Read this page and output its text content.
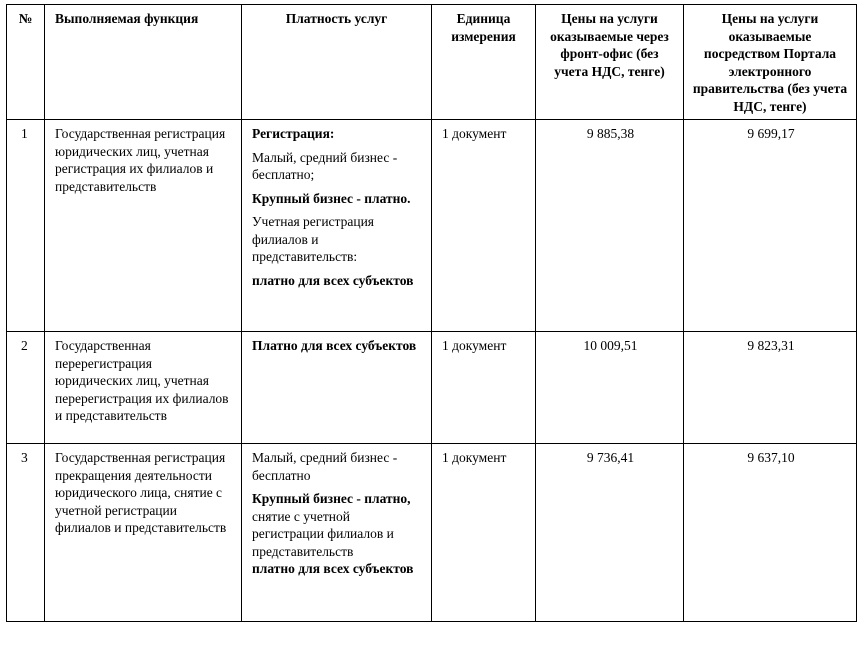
№	Выполняемая функция	Платность услуг	Единица измерения	Цены на услуги оказываемые через фронт-офис (без учета НДС, тенге)	Цены на услуги оказываемые посредством Портала электронного правительства (без учета НДС, тенге)
1	Государственная регистрация юридических лиц, учетная регистрация их филиалов и представительств	Регистрация:

Малый, средний бизнес - бесплатно;

Крупный бизнес - платно.

Учетная регистрация филиалов и представительств:

платно для всех субъектов	1 документ	9 885,38	9 699,17
2	Государственная перерегистрация юридических лиц, учетная перерегистрация их филиалов и представительств	Платно для всех субъектов	1 документ	10 009,51	9 823,31
3	Государственная регистрация прекращения деятельности юридического лица, снятие с учетной регистрации филиалов и представительств	Малый, средний бизнес - бесплатно

Крупный бизнес - платно, снятие с учетной регистрации филиалов и представительств
платно для всех субъектов	1 документ	9 736,41	9 637,10
